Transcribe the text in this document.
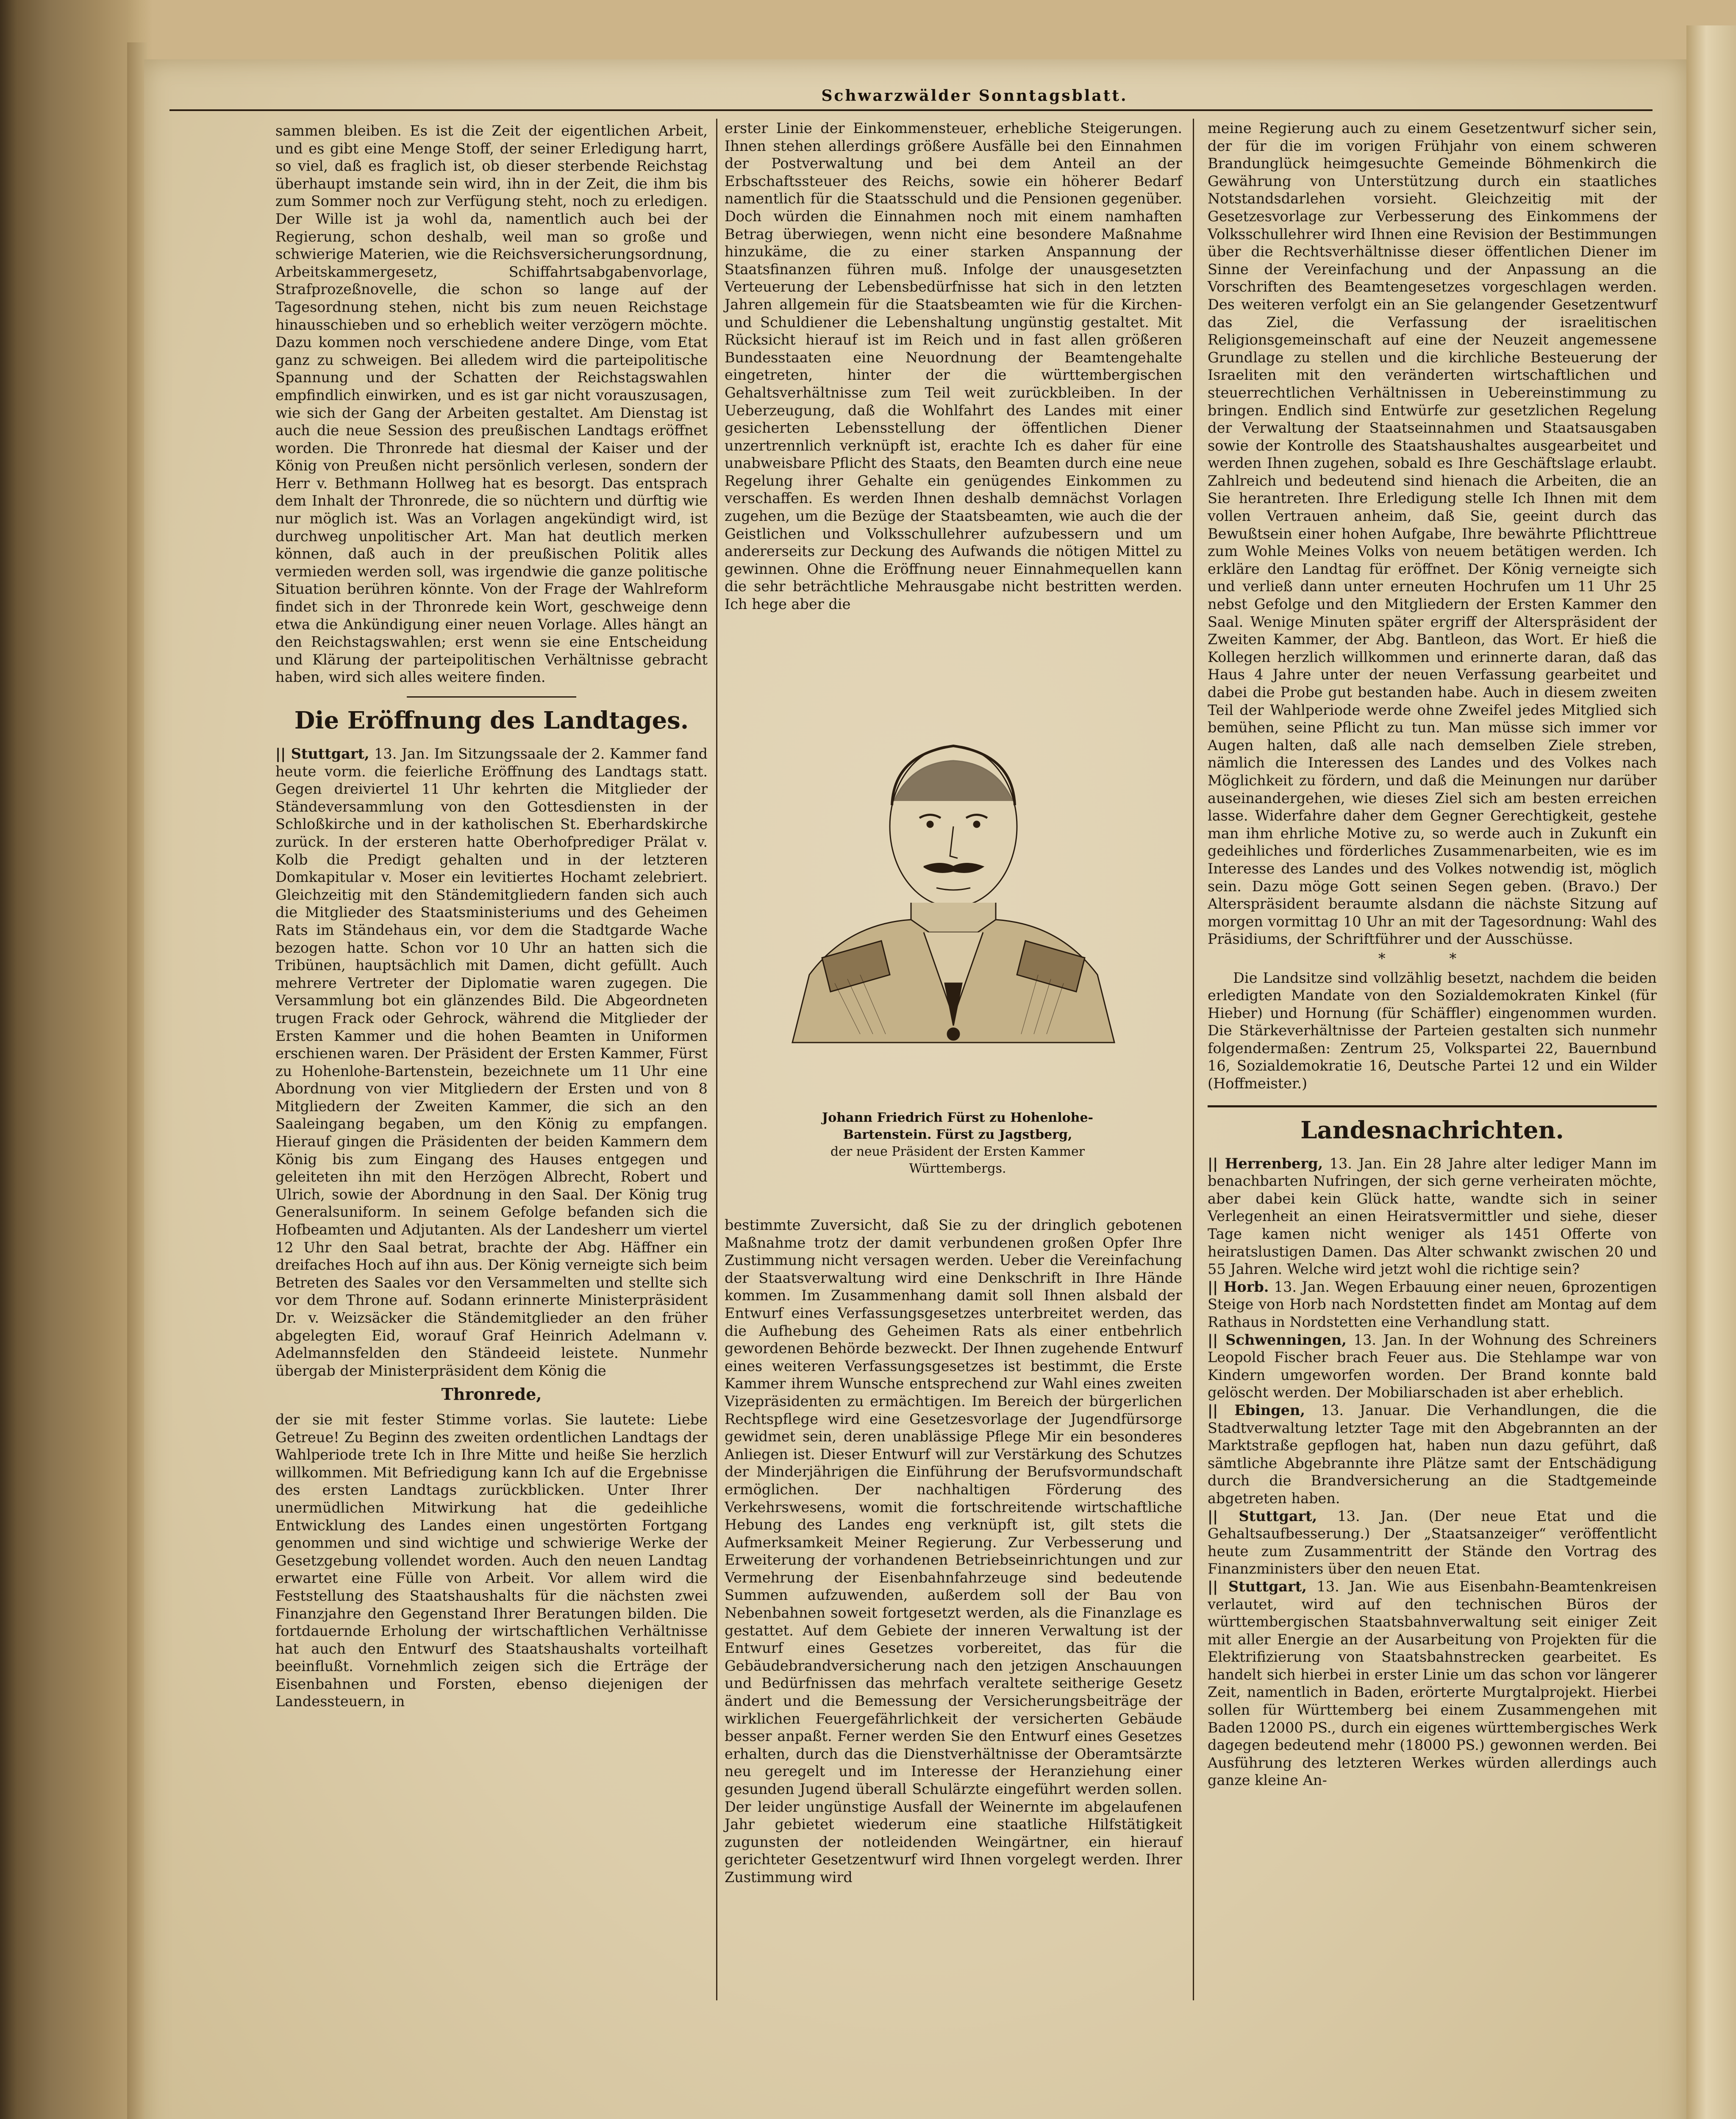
Schwarzwälder Sonntagsblatt.

sammen bleiben. Es ist die Zeit der eigentlichen Arbeit, und es gibt eine Menge Stoff, der seiner Erledigung harrt, so viel, daß es fraglich ist, ob dieser sterbende Reichstag überhaupt imstande sein wird, ihn in der Zeit, die ihm bis zum Sommer noch zur Verfügung steht, noch zu erledigen. Der Wille ist ja wohl da, namentlich auch bei der Regierung, schon deshalb, weil man so große und schwierige Materien, wie die Reichsversicherungsordnung, Arbeitskammergesetz, Schiffahrtsabgabenvorlage, Strafprozeßnovelle, die schon so lange auf der Tagesordnung stehen, nicht bis zum neuen Reichstage hinausschieben und so erheblich weiter verzögern möchte. Dazu kommen noch verschiedene andere Dinge, vom Etat ganz zu schweigen. Bei alledem wird die parteipolitische Spannung und der Schatten der Reichstagswahlen empfindlich einwirken, und es ist gar nicht vorauszusagen, wie sich der Gang der Arbeiten gestaltet. Am Dienstag ist auch die neue Session des preußischen Landtags eröffnet worden. Die Thronrede hat diesmal der Kaiser und der König von Preußen nicht persönlich verlesen, sondern der Herr v. Bethmann Hollweg hat es besorgt. Das entsprach dem Inhalt der Thronrede, die so nüchtern und dürftig wie nur möglich ist. Was an Vorlagen angekündigt wird, ist durchweg unpolitischer Art. Man hat deutlich merken können, daß auch in der preußischen Politik alles vermieden werden soll, was irgendwie die ganze politische Situation berühren könnte. Von der Frage der Wahlreform findet sich in der Thronrede kein Wort, geschweige denn etwa die Ankündigung einer neuen Vorlage. Alles hängt an den Reichstagswahlen; erst wenn sie eine Entscheidung und Klärung der parteipolitischen Verhältnisse gebracht haben, wird sich alles weitere finden.

Die Eröffnung des Landtages.

|| Stuttgart, 13. Jan. Im Sitzungssaale der 2. Kammer fand heute vorm. die feierliche Eröffnung des Landtags statt. Gegen dreiviertel 11 Uhr kehrten die Mitglieder der Ständeversammlung von den Gottesdiensten in der Schloßkirche und in der katholischen St. Eberhardskirche zurück. In der ersteren hatte Oberhofprediger Prälat v. Kolb die Predigt gehalten und in der letzteren Domkapitular v. Moser ein levitiertes Hochamt zelebriert. Gleichzeitig mit den Ständemitgliedern fanden sich auch die Mitglieder des Staatsministeriums und des Geheimen Rats im Ständehaus ein, vor dem die Stadtgarde Wache bezogen hatte. Schon vor 10 Uhr an hatten sich die Tribünen, hauptsächlich mit Damen, dicht gefüllt. Auch mehrere Vertreter der Diplomatie waren zugegen. Die Versammlung bot ein glänzendes Bild. Die Abgeordneten trugen Frack oder Gehrock, während die Mitglieder der Ersten Kammer und die hohen Beamten in Uniformen erschienen waren. Der Präsident der Ersten Kammer, Fürst zu Hohenlohe-Bartenstein, bezeichnete um 11 Uhr eine Abordnung von vier Mitgliedern der Ersten und von 8 Mitgliedern der Zweiten Kammer, die sich an den Saaleingang begaben, um den König zu empfangen. Hierauf gingen die Präsidenten der beiden Kammern dem König bis zum Eingang des Hauses entgegen und geleiteten ihn mit den Herzögen Albrecht, Robert und Ulrich, sowie der Abordnung in den Saal. Der König trug Generalsuniform. In seinem Gefolge befanden sich die Hofbeamten und Adjutanten. Als der Landesherr um viertel 12 Uhr den Saal betrat, brachte der Abg. Häffner ein dreifaches Hoch auf ihn aus. Der König verneigte sich beim Betreten des Saales vor den Versammelten und stellte sich vor dem Throne auf. Sodann erinnerte Ministerpräsident Dr. v. Weizsäcker die Ständemitglieder an den früher abgelegten Eid, worauf Graf Heinrich Adelmann v. Adelmannsfelden den Ständeeid leistete. Nunmehr übergab der Ministerpräsident dem König die

Thronrede,

der sie mit fester Stimme vorlas. Sie lautete: Liebe Getreue! Zu Beginn des zweiten ordentlichen Landtags der Wahlperiode trete Ich in Ihre Mitte und heiße Sie herzlich willkommen. Mit Befriedigung kann Ich auf die Ergebnisse des ersten Landtags zurückblicken. Unter Ihrer unermüdlichen Mitwirkung hat die gedeihliche Entwicklung des Landes einen ungestörten Fortgang genommen und sind wichtige und schwierige Werke der Gesetzgebung vollendet worden. Auch den neuen Landtag erwartet eine Fülle von Arbeit. Vor allem wird die Feststellung des Staatshaushalts für die nächsten zwei Finanzjahre den Gegenstand Ihrer Beratungen bilden. Die fortdauernde Erholung der wirtschaftlichen Verhältnisse hat auch den Entwurf des Staatshaushalts vorteilhaft beeinflußt. Vornehmlich zeigen sich die Erträge der Eisenbahnen und Forsten, ebenso diejenigen der Landessteuern, in

erster Linie der Einkommensteuer, erhebliche Steigerungen. Ihnen stehen allerdings größere Ausfälle bei den Einnahmen der Postverwaltung und bei dem Anteil an der Erbschaftssteuer des Reichs, sowie ein höherer Bedarf namentlich für die Staatsschuld und die Pensionen gegenüber. Doch würden die Einnahmen noch mit einem namhaften Betrag überwiegen, wenn nicht eine besondere Maßnahme hinzukäme, die zu einer starken Anspannung der Staatsfinanzen führen muß. Infolge der unausgesetzten Verteuerung der Lebensbedürfnisse hat sich in den letzten Jahren allgemein für die Staatsbeamten wie für die Kirchen- und Schuldiener die Lebenshaltung ungünstig gestaltet. Mit Rücksicht hierauf ist im Reich und in fast allen größeren Bundesstaaten eine Neuordnung der Beamtengehalte eingetreten, hinter der die württembergischen Gehaltsverhältnisse zum Teil weit zurückbleiben. In der Ueberzeugung, daß die Wohlfahrt des Landes mit einer gesicherten Lebensstellung der öffentlichen Diener unzertrennlich verknüpft ist, erachte Ich es daher für eine unabweisbare Pflicht des Staats, den Beamten durch eine neue Regelung ihrer Gehalte ein genügendes Einkommen zu verschaffen. Es werden Ihnen deshalb demnächst Vorlagen zugehen, um die Bezüge der Staatsbeamten, wie auch die der Geistlichen und Volksschullehrer aufzubessern und um andererseits zur Deckung des Aufwands die nötigen Mittel zu gewinnen. Ohne die Eröffnung neuer Einnahmequellen kann die sehr beträchtliche Mehrausgabe nicht bestritten werden. Ich hege aber die

Johann Friedrich Fürst zu Hohenlohe-
Bartenstein. Fürst zu Jagstberg,
der neue Präsident der Ersten Kammer
Württembergs.

bestimmte Zuversicht, daß Sie zu der dringlich gebotenen Maßnahme trotz der damit verbundenen großen Opfer Ihre Zustimmung nicht versagen werden. Ueber die Vereinfachung der Staatsverwaltung wird eine Denkschrift in Ihre Hände kommen. Im Zusammenhang damit soll Ihnen alsbald der Entwurf eines Verfassungsgesetzes unterbreitet werden, das die Aufhebung des Geheimen Rats als einer entbehrlich gewordenen Behörde bezweckt. Der Ihnen zugehende Entwurf eines weiteren Verfassungsgesetzes ist bestimmt, die Erste Kammer ihrem Wunsche entsprechend zur Wahl eines zweiten Vizepräsidenten zu ermächtigen. Im Bereich der bürgerlichen Rechtspflege wird eine Gesetzesvorlage der Jugendfürsorge gewidmet sein, deren unablässige Pflege Mir ein besonderes Anliegen ist. Dieser Entwurf will zur Verstärkung des Schutzes der Minderjährigen die Einführung der Berufsvormundschaft ermöglichen. Der nachhaltigen Förderung des Verkehrswesens, womit die fortschreitende wirtschaftliche Hebung des Landes eng verknüpft ist, gilt stets die Aufmerksamkeit Meiner Regierung. Zur Verbesserung und Erweiterung der vorhandenen Betriebseinrichtungen und zur Vermehrung der Eisenbahnfahrzeuge sind bedeutende Summen aufzuwenden, außerdem soll der Bau von Nebenbahnen soweit fortgesetzt werden, als die Finanzlage es gestattet. Auf dem Gebiete der inneren Verwaltung ist der Entwurf eines Gesetzes vorbereitet, das für die Gebäudebrandversicherung nach den jetzigen Anschauungen und Bedürfnissen das mehrfach veraltete seitherige Gesetz ändert und die Bemessung der Versicherungsbeiträge der wirklichen Feuergefährlichkeit der versicherten Gebäude besser anpaßt. Ferner werden Sie den Entwurf eines Gesetzes erhalten, durch das die Dienstverhältnisse der Oberamtsärzte neu geregelt und im Interesse der Heranziehung einer gesunden Jugend überall Schulärzte eingeführt werden sollen. Der leider ungünstige Ausfall der Weinernte im abgelaufenen Jahr gebietet wiederum eine staatliche Hilfstätigkeit zugunsten der notleidenden Weingärtner, ein hierauf gerichteter Gesetzentwurf wird Ihnen vorgelegt werden. Ihrer Zustimmung wird

meine Regierung auch zu einem Gesetzentwurf sicher sein, der für die im vorigen Frühjahr von einem schweren Brandunglück heimgesuchte Gemeinde Böhmenkirch die Gewährung von Unterstützung durch ein staatliches Notstandsdarlehen vorsieht. Gleichzeitig mit der Gesetzesvorlage zur Verbesserung des Einkommens der Volksschullehrer wird Ihnen eine Revision der Bestimmungen über die Rechtsverhältnisse dieser öffentlichen Diener im Sinne der Vereinfachung und der Anpassung an die Vorschriften des Beamtengesetzes vorgeschlagen werden. Des weiteren verfolgt ein an Sie gelangender Gesetzentwurf das Ziel, die Verfassung der israelitischen Religionsgemeinschaft auf eine der Neuzeit angemessene Grundlage zu stellen und die kirchliche Besteuerung der Israeliten mit den veränderten wirtschaftlichen und steuerrechtlichen Verhältnissen in Uebereinstimmung zu bringen. Endlich sind Entwürfe zur gesetzlichen Regelung der Verwaltung der Staatseinnahmen und Staatsausgaben sowie der Kontrolle des Staatshaushaltes ausgearbeitet und werden Ihnen zugehen, sobald es Ihre Geschäftslage erlaubt. Zahlreich und bedeutend sind hienach die Arbeiten, die an Sie herantreten. Ihre Erledigung stelle Ich Ihnen mit dem vollen Vertrauen anheim, daß Sie, geeint durch das Bewußtsein einer hohen Aufgabe, Ihre bewährte Pflichttreue zum Wohle Meines Volks von neuem betätigen werden. Ich erkläre den Landtag für eröffnet. Der König verneigte sich und verließ dann unter erneuten Hochrufen um 11 Uhr 25 nebst Gefolge und den Mitgliedern der Ersten Kammer den Saal. Wenige Minuten später ergriff der Alterspräsident der Zweiten Kammer, der Abg. Bantleon, das Wort. Er hieß die Kollegen herzlich willkommen und erinnerte daran, daß das Haus 4 Jahre unter der neuen Verfassung gearbeitet und dabei die Probe gut bestanden habe. Auch in diesem zweiten Teil der Wahlperiode werde ohne Zweifel jedes Mitglied sich bemühen, seine Pflicht zu tun. Man müsse sich immer vor Augen halten, daß alle nach demselben Ziele streben, nämlich die Interessen des Landes und des Volkes nach Möglichkeit zu fördern, und daß die Meinungen nur darüber auseinandergehen, wie dieses Ziel sich am besten erreichen lasse. Widerfahre daher dem Gegner Gerechtigkeit, gestehe man ihm ehrliche Motive zu, so werde auch in Zukunft ein gedeihliches und förderliches Zusammenarbeiten, wie es im Interesse des Landes und des Volkes notwendig ist, möglich sein. Dazu möge Gott seinen Segen geben. (Bravo.) Der Alterspräsident beraumte alsdann die nächste Sitzung auf morgen vormittag 10 Uhr an mit der Tagesordnung: Wahl des Präsidiums, der Schriftführer und der Ausschüsse.

* *

Die Landsitze sind vollzählig besetzt, nachdem die beiden erledigten Mandate von den Sozialdemokraten Kinkel (für Hieber) und Hornung (für Schäffler) eingenommen wurden. Die Stärkeverhältnisse der Parteien gestalten sich nunmehr folgendermaßen: Zentrum 25, Volkspartei 22, Bauernbund 16, Sozialdemokratie 16, Deutsche Partei 12 und ein Wilder (Hoffmeister.)

Landesnachrichten.

|| Herrenberg, 13. Jan. Ein 28 Jahre alter lediger Mann im benachbarten Nufringen, der sich gerne verheiraten möchte, aber dabei kein Glück hatte, wandte sich in seiner Verlegenheit an einen Heiratsvermittler und siehe, dieser Tage kamen nicht weniger als 1451 Offerte von heiratslustigen Damen. Das Alter schwankt zwischen 20 und 55 Jahren. Welche wird jetzt wohl die richtige sein?

|| Horb. 13. Jan. Wegen Erbauung einer neuen, 6prozentigen Steige von Horb nach Nordstetten findet am Montag auf dem Rathaus in Nordstetten eine Verhandlung statt.

|| Schwenningen, 13. Jan. In der Wohnung des Schreiners Leopold Fischer brach Feuer aus. Die Stehlampe war von Kindern umgeworfen worden. Der Brand konnte bald gelöscht werden. Der Mobiliarschaden ist aber erheblich.

|| Ebingen, 13. Januar. Die Verhandlungen, die die Stadtverwaltung letzter Tage mit den Abgebrannten an der Marktstraße gepflogen hat, haben nun dazu geführt, daß sämtliche Abgebrannte ihre Plätze samt der Entschädigung durch die Brandversicherung an die Stadtgemeinde abgetreten haben.

|| Stuttgart, 13. Jan. (Der neue Etat und die Gehaltsaufbesserung.) Der „Staatsanzeiger“ veröffentlicht heute zum Zusammentritt der Stände den Vortrag des Finanzministers über den neuen Etat.

|| Stuttgart, 13. Jan. Wie aus Eisenbahn-Beamtenkreisen verlautet, wird auf den technischen Büros der württembergischen Staatsbahnverwaltung seit einiger Zeit mit aller Energie an der Ausarbeitung von Projekten für die Elektrifizierung von Staatsbahnstrecken gearbeitet. Es handelt sich hierbei in erster Linie um das schon vor längerer Zeit, namentlich in Baden, erörterte Murgtalprojekt. Hierbei sollen für Württemberg bei einem Zusammengehen mit Baden 12000 PS., durch ein eigenes württembergisches Werk dagegen bedeutend mehr (18000 PS.) gewonnen werden. Bei Ausführung des letzteren Werkes würden allerdings auch ganze kleine An-
